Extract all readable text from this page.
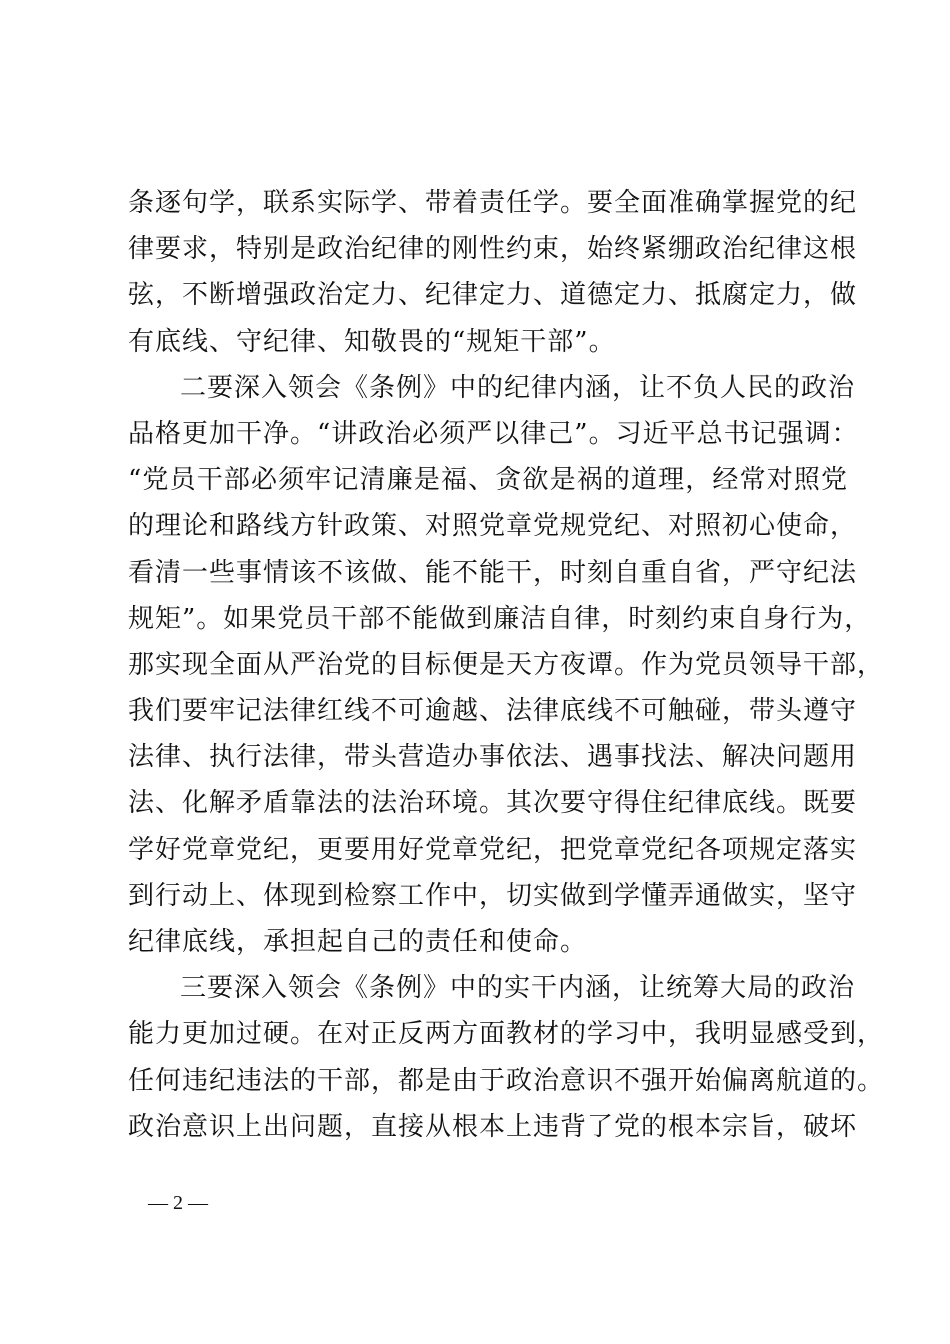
条逐句学，联系实际学、带着责任学。要全面准确掌握党的纪
律要求，特别是政治纪律的刚性约束，始终紧绷政治纪律这根
弦，不断增强政治定力、纪律定力、道德定力、抵腐定力，做
有底线、守纪律、知敬畏的“规矩干部”。
二要深入领会《条例》中的纪律内涵，让不负人民的政治
品格更加干净。“讲政治必须严以律己”。习近平总书记强调：
“党员干部必须牢记清廉是福、贪欲是祸的道理，经常对照党
的理论和路线方针政策、对照党章党规党纪、对照初心使命，
看清一些事情该不该做、能不能干，时刻自重自省，严守纪法
规矩”。如果党员干部不能做到廉洁自律，时刻约束自身行为，
那实现全面从严治党的目标便是天方夜谭。作为党员领导干部，
我们要牢记法律红线不可逾越、法律底线不可触碰，带头遵守
法律、执行法律，带头营造办事依法、遇事找法、解决问题用
法、化解矛盾靠法的法治环境。其次要守得住纪律底线。既要
学好党章党纪，更要用好党章党纪，把党章党纪各项规定落实
到行动上、体现到检察工作中，切实做到学懂弄通做实，坚守
纪律底线，承担起自己的责任和使命。
三要深入领会《条例》中的实干内涵，让统筹大局的政治
能力更加过硬。在对正反两方面教材的学习中，我明显感受到，
任何违纪违法的干部，都是由于政治意识不强开始偏离航道的。
政治意识上出问题，直接从根本上违背了党的根本宗旨，破坏
— 2 —
